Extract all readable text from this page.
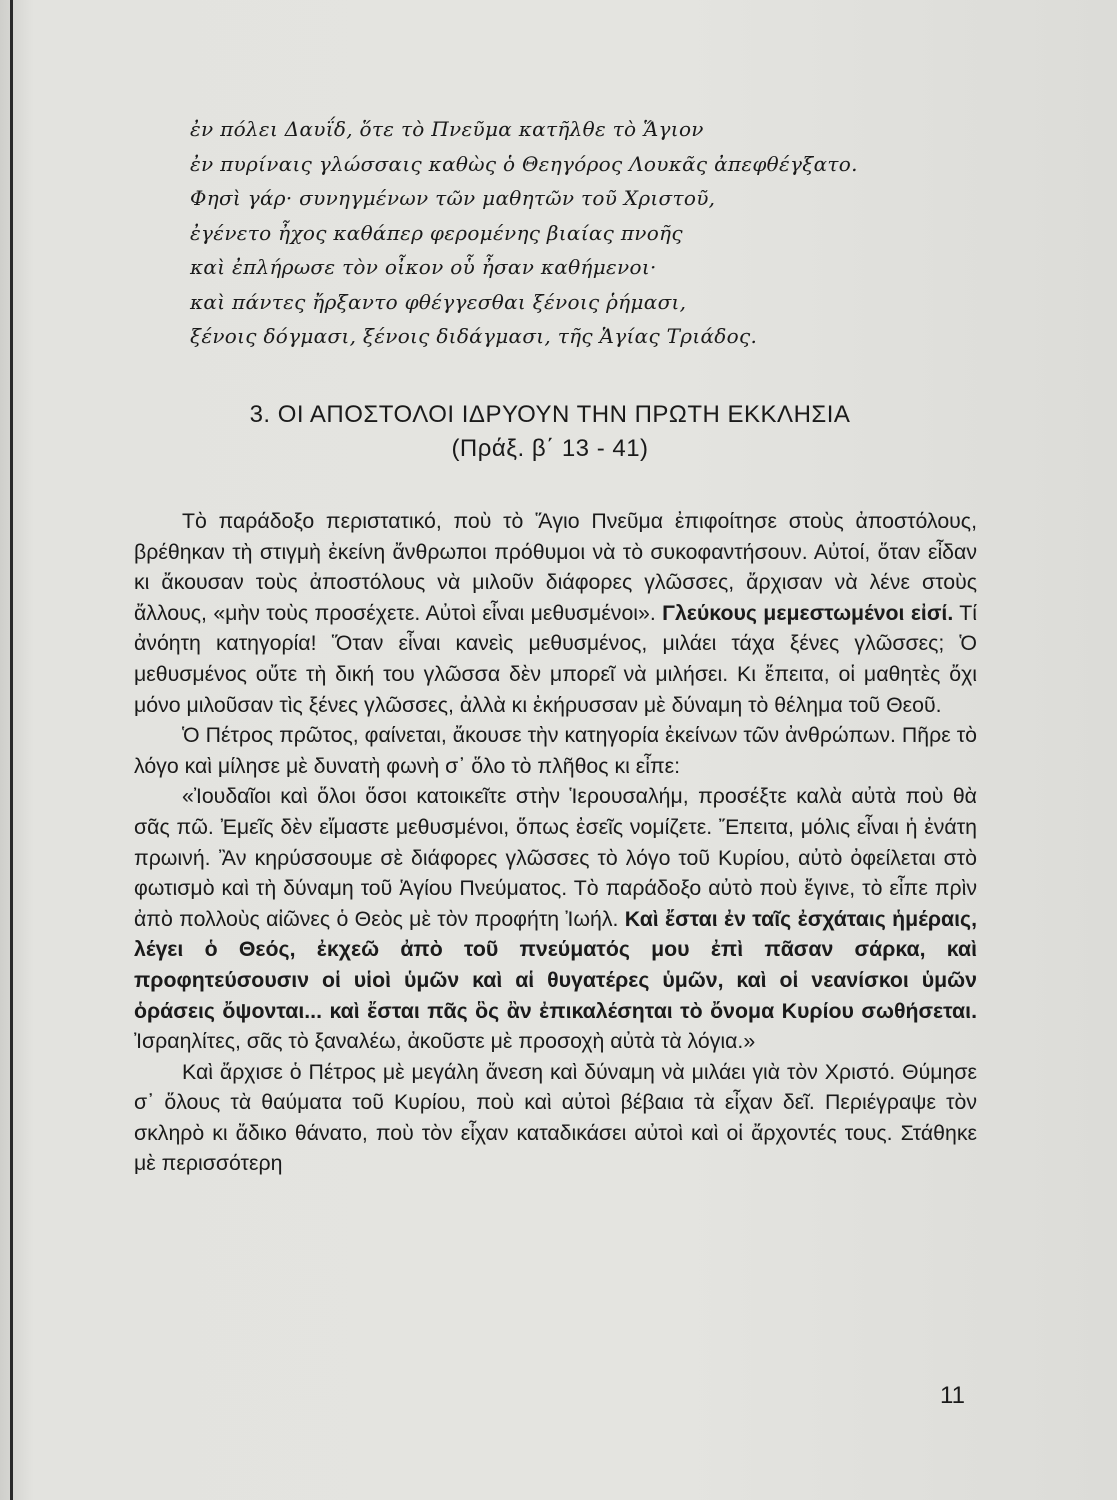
ἐν πόλει Δαυΐδ, ὅτε τὸ Πνεῦμα κατῆλθε τὸ Ἅγιον
ἐν πυρίναις γλώσσαις καθὼς ὁ Θεηγόρος Λουκᾶς ἀπεφθέγξατο.
Φησὶ γάρ· συνηγμένων τῶν μαθητῶν τοῦ Χριστοῦ,
ἐγένετο ἦχος καθάπερ φερομένης βιαίας πνοῆς
καὶ ἐπλήρωσε τὸν οἶκον οὗ ἦσαν καθήμενοι·
καὶ πάντες ἤρξαντο φθέγγεσθαι ξένοις ῥήμασι,
ξένοις δόγμασι, ξένοις διδάγμασι, τῆς Ἁγίας Τριάδος.
3. ΟΙ ΑΠΟΣΤΟΛΟΙ ΙΔΡΥΟΥΝ ΤΗΝ ΠΡΩΤΗ ΕΚΚΛΗΣΙΑ
(Πράξ. β΄ 13 - 41)

Τὸ παράδοξο περιστατικό, ποὺ τὸ Ἅγιο Πνεῦμα ἐπιφοίτησε στοὺς ἀποστόλους, βρέθηκαν τὴ στιγμὴ ἐκείνη ἄνθρωποι πρόθυμοι νὰ τὸ συκοφαντήσουν. Αὐτοί, ὅταν εἶδαν κι ἄκουσαν τοὺς ἀποστόλους νὰ μιλοῦν διάφορες γλῶσσες, ἄρχισαν νὰ λένε στοὺς ἄλλους, «μὴν τοὺς προσέχετε. Αὐτοὶ εἶναι μεθυσμένοι». Γλεύκους μεμεστωμένοι εἰσί. Τί ἀνόητη κατηγορία! Ὅταν εἶναι κανεὶς μεθυσμένος, μιλάει τάχα ξένες γλῶσσες; Ὁ μεθυσμένος οὔτε τὴ δική του γλῶσσα δὲν μπορεῖ νὰ μιλήσει. Κι ἔπειτα, οἱ μαθητὲς ὄχι μόνο μιλοῦσαν τὶς ξένες γλῶσσες, ἀλλὰ κι ἐκήρυσσαν μὲ δύναμη τὸ θέλημα τοῦ Θεοῦ.

Ὁ Πέτρος πρῶτος, φαίνεται, ἄκουσε τὴν κατηγορία ἐκείνων τῶν ἀνθρώπων. Πῆρε τὸ λόγο καὶ μίλησε μὲ δυνατὴ φωνὴ σ᾿ ὅλο τὸ πλῆθος κι εἶπε:

«Ἰουδαῖοι καὶ ὅλοι ὅσοι κατοικεῖτε στὴν Ἱερουσαλήμ, προσέξτε καλὰ αὐτὰ ποὺ θὰ σᾶς πῶ. Ἐμεῖς δὲν εἴμαστε μεθυσμένοι, ὅπως ἐσεῖς νομίζετε. Ἔπειτα, μόλις εἶναι ἡ ἐνάτη πρωινή. Ἂν κηρύσσουμε σὲ διάφορες γλῶσσες τὸ λόγο τοῦ Κυρίου, αὐτὸ ὀφείλεται στὸ φωτισμὸ καὶ τὴ δύναμη τοῦ Ἁγίου Πνεύματος. Τὸ παράδοξο αὐτὸ ποὺ ἔγινε, τὸ εἶπε πρὶν ἀπὸ πολλοὺς αἰῶνες ὁ Θεὸς μὲ τὸν προφήτη Ἰωήλ. Καὶ ἔσται ἐν ταῖς ἐσχάταις ἡμέραις, λέγει ὁ Θεός, ἐκχεῶ ἀπὸ τοῦ πνεύματός μου ἐπὶ πᾶσαν σάρκα, καὶ προφητεύσουσιν οἱ υἱοὶ ὑμῶν καὶ αἱ θυγατέρες ὑμῶν, καὶ οἱ νεανίσκοι ὑμῶν ὁράσεις ὄψονται... καὶ ἔσται πᾶς ὃς ἂν ἐπικαλέσηται τὸ ὄνομα Κυρίου σωθήσεται. Ἰσραηλίτες, σᾶς τὸ ξαναλέω, ἀκοῦστε μὲ προσοχὴ αὐτὰ τὰ λόγια.»

Καὶ ἄρχισε ὁ Πέτρος μὲ μεγάλη ἄνεση καὶ δύναμη νὰ μιλάει γιὰ τὸν Χριστό. Θύμησε σ᾿ ὅλους τὰ θαύματα τοῦ Κυρίου, ποὺ καὶ αὐτοὶ βέβαια τὰ εἶχαν δεῖ. Περιέγραψε τὸν σκληρὸ κι ἄδικο θάνατο, ποὺ τὸν εἶχαν καταδικάσει αὐτοὶ καὶ οἱ ἄρχοντές τους. Στάθηκε μὲ περισσότερη

11
